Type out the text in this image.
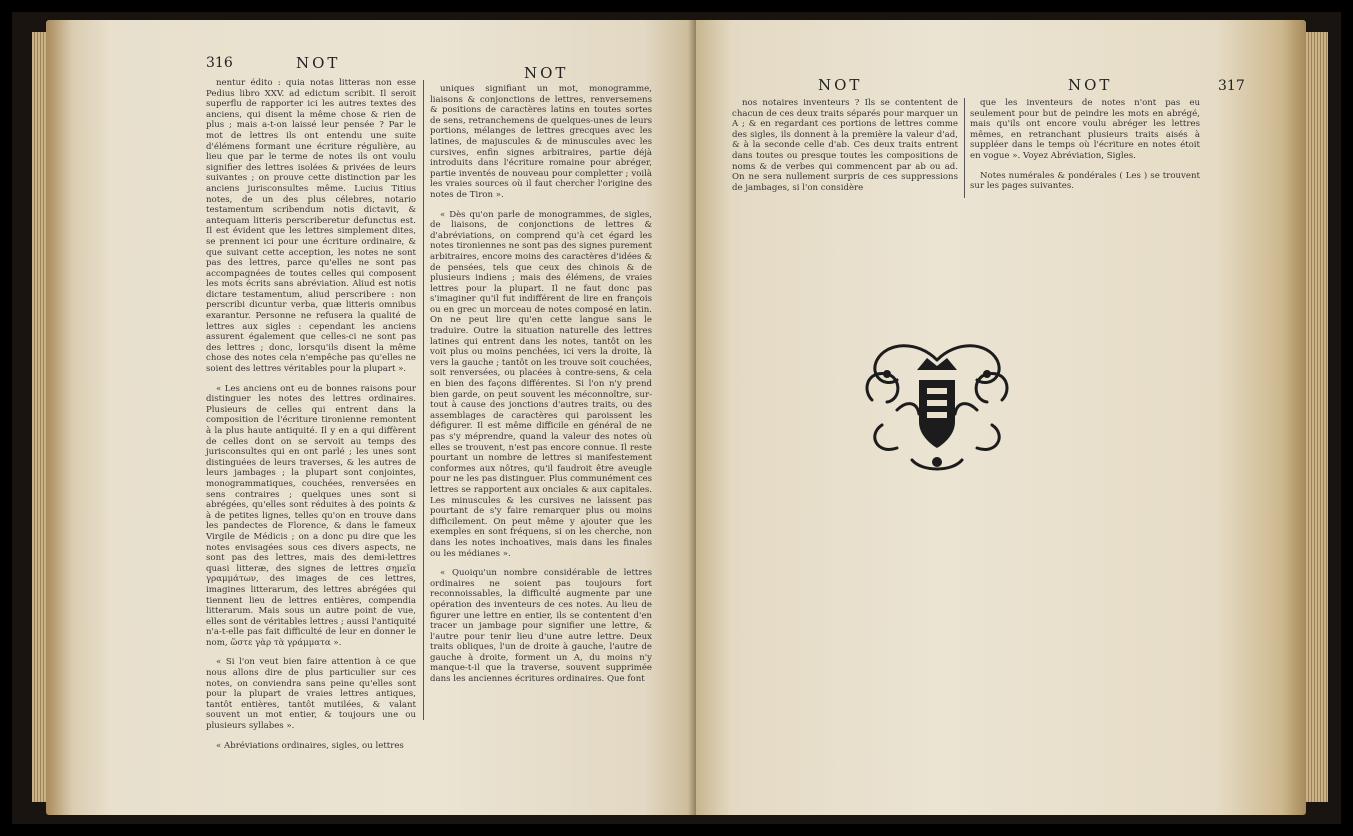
316	NOT
NOT

nentur édito : quia notas litteras non esse Pedius libro XXV. ad edictum scribit. Il seroit superflu de rapporter ici les autres textes des anciens, qui disent la même chose & rien de plus ; mais a-t-on laissé leur pensée ? Par le mot de lettres ils ont entendu une suite d'élémens formant une écriture régulière, au lieu que par le terme de notes ils ont voulu signifier des lettres isolées & privées de leurs suivantes ; on prouve cette distinction par les anciens jurisconsultes même. Lucius Titius notes, de un des plus célebres, notario testamentum scribendum notis dictavit, & antequam litteris perscriberetur defunctus est. Il est évident que les lettres simplement dites, se prennent ici pour une écriture ordinaire, & que suivant cette acception, les notes ne sont pas des lettres, parce qu'elles ne sont pas accompagnées de toutes celles qui composent les mots écrits sans abréviation. Aliud est notis dictare testamentum, aliud perscribere : non perscribi dicuntur verba, quæ litteris omnibus exarantur. Personne ne refusera la qualité de lettres aux sigles : cependant les anciens assurent également que celles-ci ne sont pas des lettres ; donc, lorsqu'ils disent la même chose des notes cela n'empêche pas qu'elles ne soient des lettres véritables pour la plupart ».

« Les anciens ont eu de bonnes raisons pour distinguer les notes des lettres ordinaires. Plusieurs de celles qui entrent dans la composition de l'écriture tironienne remontent à la plus haute antiquité. Il y en a qui diffèrent de celles dont on se servoit au temps des jurisconsultes qui en ont parlé ; les unes sont distinguées de leurs traverses, & les autres de leurs jambages ; la plupart sont conjointes, monogrammatiques, couchées, renversées en sens contraires ; quelques unes sont si abrégées, qu'elles sont réduites à des points & à de petites lignes, telles qu'on en trouve dans les pandectes de Florence, & dans le fameux Virgile de Médicis ; on a donc pu dire que les notes envisagées sous ces divers aspects, ne sont pas des lettres, mais des demi-lettres quasi litteræ, des signes de lettres σημεῖα γραμμάτων, des images de ces lettres, imagines litterarum, des lettres abrégées qui tiennent lieu de lettres entières, compendia litterarum. Mais sous un autre point de vue, elles sont de véritables lettres ; aussi l'antiquité n'a-t-elle pas fait difficulté de leur en donner le nom, ὥστε γὰρ τὰ γράμματα ».

« Si l'on veut bien faire attention à ce que nous allons dire de plus particulier sur ces notes, on conviendra sans peine qu'elles sont pour la plupart de vraies lettres antiques, tantôt entières, tantôt mutilées, & valant souvent un mot entier, & toujours une ou plusieurs syllabes ».

« Abréviations ordinaires, sigles, ou lettres

uniques signifiant un mot, monogramme, liaisons & conjonctions de lettres, renversemens & positions de caractères latins en toutes sortes de sens, retranchemens de quelques-unes de leurs portions, mélanges de lettres grecques avec les latines, de majuscules & de minuscules avec les cursives, enfin signes arbitraires, partie déjà introduits dans l'écriture romaine pour abréger, partie inventés de nouveau pour completter ; voilà les vraies sources où il faut chercher l'origine des notes de Tiron ».

« Dès qu'on parle de monogrammes, de sigles, de liaisons, de conjonctions de lettres & d'abréviations, on comprend qu'à cet égard les notes tironiennes ne sont pas des signes purement arbitraires, encore moins des caractères d'idées & de pensées, tels que ceux des chinois & de plusieurs indiens ; mais des élémens, de vraies lettres pour la plupart. Il ne faut donc pas s'imaginer qu'il fut indifférent de lire en françois ou en grec un morceau de notes composé en latin. On ne peut lire qu'en cette langue sans le traduire. Outre la situation naturelle des lettres latines qui entrent dans les notes, tantôt on les voit plus ou moins penchées, ici vers la droite, là vers la gauche ; tantôt on les trouve soit couchées, soit renversées, ou placées à contre-sens, & cela en bien des façons différentes. Si l'on n'y prend bien garde, on peut souvent les méconnoître, sur-tout à cause des jonctions d'autres traits, ou des assemblages de caractères qui paroissent les défigurer. Il est même difficile en général de ne pas s'y méprendre, quand la valeur des notes où elles se trouvent, n'est pas encore connue. Il reste pourtant un nombre de lettres si manifestement conformes aux nôtres, qu'il faudroit être aveugle pour ne les pas distinguer. Plus communément ces lettres se rapportent aux onciales & aux capitales. Les minuscules & les cursives ne laissent pas pourtant de s'y faire remarquer plus ou moins difficilement. On peut même y ajouter que les exemples en sont fréquens, si on les cherche, non dans les notes inchoatives, mais dans les finales ou les médianes ».

« Quoiqu'un nombre considérable de lettres ordinaires ne soient pas toujours fort reconnoissables, la difficulté augmente par une opération des inventeurs de ces notes. Au lieu de figurer une lettre en entier, ils se contentent d'en tracer un jambage pour signifier une lettre, & l'autre pour tenir lieu d'une autre lettre. Deux traits obliques, l'un de droite à gauche, l'autre de gauche à droite, forment un A, du moins n'y manque-t-il que la traverse, souvent supprimée dans les anciennes écritures ordinaires. Que font

NOT	NOT	317

nos notaires inventeurs ? Ils se contentent de chacun de ces deux traits séparés pour marquer un A ; & en regardant ces portions de lettres comme des sigles, ils donnent à la première la valeur d'ad, & à la seconde celle d'ab. Ces deux traits entrent dans toutes ou presque toutes les compositions de noms & de verbes qui commencent par ab ou ad. On ne sera nullement surpris de ces suppressions de jambages, si l'on considère

que les inventeurs de notes n'ont pas eu seulement pour but de peindre les mots en abrégé, mais qu'ils ont encore voulu abréger les lettres mêmes, en retranchant plusieurs traits aisés à suppléer dans le temps où l'écriture en notes étoit en vogue ». Voyez Abréviation, Sigles.

Notes numérales & pondérales ( Les ) se trouvent sur les pages suivantes.
